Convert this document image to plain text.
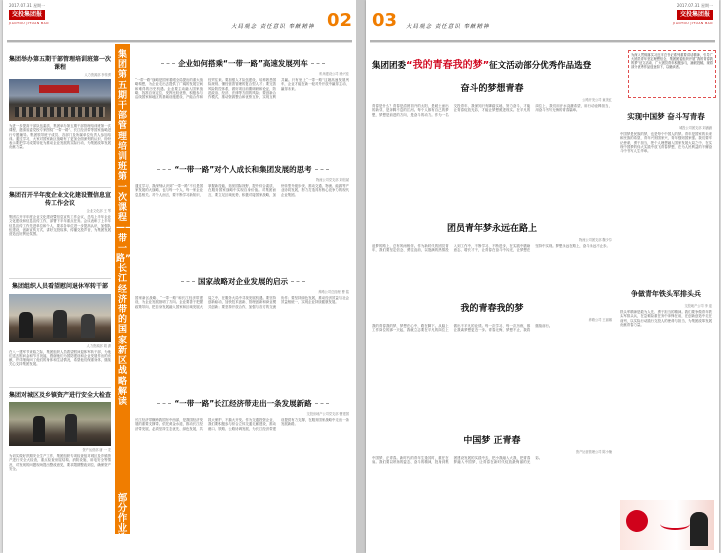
2017.07.31 星期一
交投集团报
JIAOTOU JITUAN BAO
大局观念 责任意识 奉献精神 02
集团举办第五期干部管理培训班第一次课程
人力资源部 李传勇
为进一步提高干部队伍素质，集团举办第五期干部管理培训班第一次课程，邀请省委党校专家围绕“一带一路”、长江经济带等国家战略进行专题辅导。集团领导班子成员、各部门及所属单位负责人参加培训。通过学习，大家对国家新区战略有了更加全面深刻的认识，纷纷表示要把学习成果转化为推动企业发展的实际行动，为集团改革发展贡献力量。
集团召开半年度企业文化建设暨信息宣传工作会议
企业文化部 王 琴
集团召开半年度企业文化建设暨信息宣传工作会议，总结上半年企业文化建设和信息宣传工作，部署下半年重点任务。会议表彰了上半年信息宣传工作先进单位和个人，要求各单位进一步提高认识，加强队伍建设，创新宣传方式，讲好交投故事，传播交投声音，为集团发展营造良好舆论氛围。
集团组织人员看望慰问退休军转干部
人力资源部 胡 潇
在八一建军节来临之际，集团组织人员看望慰问退休军转干部，为他们送去慰问金和节日祝福，感谢他们为国防建设和企业发展作出的贡献，并详细询问了他们的身体和生活情况，希望他们保重身体，继续关心支持集团发展。
集团对城区及乡镇资产进行安全大检查
资产运营部 唐 一 龙
为切实做好汛期安全生产工作，集团组织专项检查组对城区及乡镇资产进行安全大检查，重点检查房屋结构、消防设施、用电安全等情况，对发现的问题现场提出整改意见，要求限期整改到位，确保资产安全。
集团第五期干部管理培训班第一次课程——“一带一路”、长江经济带的国家新区战略解读
部分作业选登
企业如何搭乘“一带一路”高速发展列车
机场建设公司 徐兴佳
“一带一路”战略是国家着眼全局提出的重大战略构想，为企业走出去提供了广阔的发展空间和难得的历史机遇。企业要主动融入国家战略，找准自身定位，发挥比较优势，积极参与沿线国家和地区的基础设施建设、产能合作和经贸往来。要加强人才队伍建设，培养熟悉国际规则、懂经营善管理的复合型人才；要完善风险防控体系，做好项目前期调研和论证，防范政治、经济、法律等方面的风险；要创新合作模式，推动资源整合和优势互补，实现互利共赢。只有坐上“一带一路”这趟高速发展列车，企业才能在新一轮对外开放中赢得主动、赢得未来。
“一带一路”对个人成长和集团发展的思考
物流公司党支部 刘信斌
通过学习，我深刻认识到“一带一路”不仅是国家发展的大战略，也与每一个人、每一家企业息息相关。对个人而言，要不断学习新知识、掌握新技能，拓宽国际视野，提升综合素质，在服务国家战略中实现自身价值。对集团而言，要立足区域优势，积极对接国家战略，加快转型升级步伐，推动交通、物流、能源等产业协同发展，努力打造具有核心竞争力的现代企业集团。
国家战略对企业发展的启示
养路公司总经理 曹 铭
国家新区战略、“一带一路”和长江经济带建设，为企业发展指明了方向。企业要善于把握政策导向，把自身发展融入国家和区域发展大局之中，在服务大局中寻找发展机遇。要坚持创新驱动，加快技术创新、管理创新和商业模式创新；要坚持开放合作，加强与各方的交流协作；要坚持绿色发展，推动经济效益与社会效益相统一，实现企业持续健康发展。
“一带一路”长江经济带走出一条发展新路
交投房地产公司党支部 曹建国
长江经济带横跨我国东中西部，是我国经济发展的重要支撑带。依托黄金水道，推动长江经济带发展，必须坚持生态优先、绿色发展，共抓大保护、不搞大开发。作为交通投资企业，我们要积极参与综合立体交通走廊建设，推动港口、铁路、公路协调发展，为长江经济带建设提供有力支撑，在服务国家战略中走出一条发展新路。
2017.07.31 星期一
交投集团报
JIAOTOU JITUAN BAO
03 大局观念 责任意识 奉献精神
集团团委“我的青春我的梦”征文活动部分优秀作品选登
为深入贯彻落实习近平总书记系列重要讲话精神，引导广大团员青年坚定理想信念，集团团委组织开展“我的青春我的梦”征文活动，广大团员青年积极参与，踊跃投稿，现将部分优秀作品选登如下，以飨读者。
奋斗的梦想青春
公路开发公司 童美红
青春是什么？青春是清晨初升的太阳，是破土而出的新芽，是奔腾不息的江河。每个人都有自己的梦想，梦想是前进的方向，是奋斗的动力。作为一名交投青年，我深知只有脚踏实地、努力奋斗，才能让青春绽放光彩，才能让梦想照进现实。在平凡的岗位上，我们用汗水浇灌希望，用行动诠释担当，用奋斗书写无悔的青春篇章。
实现中国梦 奋斗写青春
城投公司团支部 刘涵涵
中国梦是民族的梦，也是每个中国人的梦。青年是国家的未来和民族的希望，青年兴则国家兴，青年强则国家强。我们要牢记使命，勇于担当，把个人理想融入国家发展大局之中，在实现中国梦的伟大实践中放飞青春梦想，在为人民利益的不懈奋斗中书写人生华章。
团员青年梦永远在路上
物流公司团支部 魏少芬
追梦的路上，总有风雨相伴。作为新时代的团员青年，我们要坚定信念、勇往直前，以饱满的热情投入到工作中，不断学习、不断进步，在实践中磨砺意志、增长才干，让青春在奋斗中闪光，让梦想在坚持中实现。梦想永远在路上，奋斗永远不止步。
争做青年铁头军排头兵
交投地产公司 李 迎
铁头军精神是敢为人先、勇于担当的精神。我们要争做青年铁头军排头兵，在急难险重任务中冲锋在前，在创新创造中走在前列，以实际行动践行交投人的使命与担当，为集团改革发展贡献青春力量。
我的青春我的梦
养路公司 王丽娜
我的青春我的梦，梦想在心中，路在脚下。从踏上工作岗位的那一天起，我就立志要在平凡的岗位上做出不平凡的业绩。每一次学习、每一次历练，都让我离梦想更近一步。青春无悔，梦想不止，我将继续前行。
中国梦 正青春
资产运营管理公司 陈小楠
中国梦，正青春。新时代的青年生逢其时，重任在肩。我们要以昂扬的姿态、奋斗的精神，投身到集团建设发展的实践中去，把小我融入大我，把青春梦融入中国梦，让青春在新时代绽放最绚丽的光彩。
